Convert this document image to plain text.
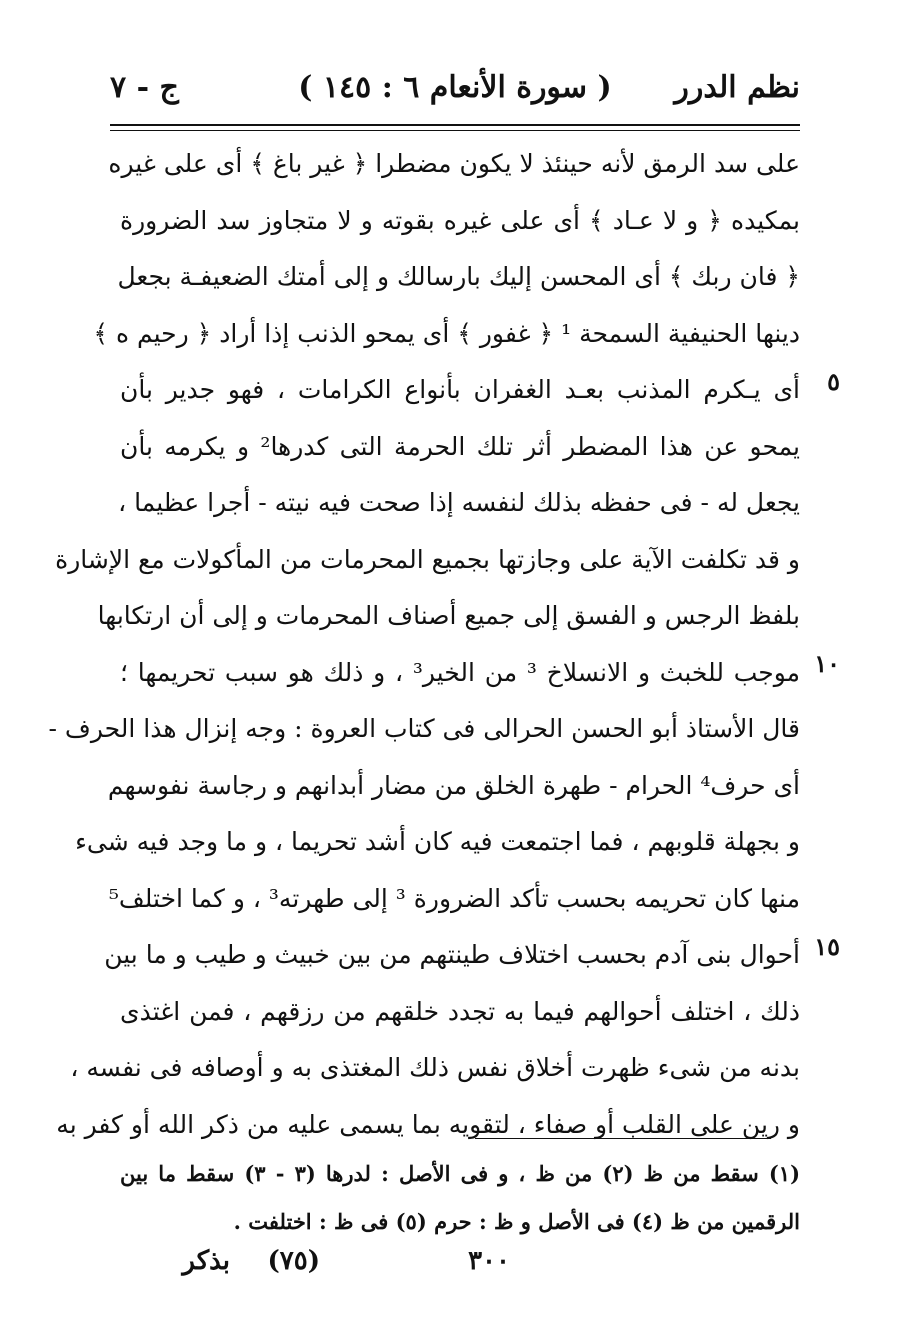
نظم الدرر
( سورة الأنعام ٦ : ١٤٥ )
ج - ٧
على سد الرمق لأنه حينئذ لا يكون مضطرا ﴿ غير باغ ﴾ أى على غيره
بمكيده ﴿ و لا عـاد ﴾ أى على غيره بقوته و لا متجاوز سد الضرورة
﴿ فان ربك ﴾ أى المحسن إليك بارسالك و إلى أمتك الضعيفـة بجعل
دينها الحنيفية السمحة ¹ ﴿ غفور ﴾ أى يمحو الذنب إذا أراد ﴿ رحيم ه ﴾
أى يـكرم المذنب بعـد الغفران بأنواع الكرامات ، فهو جدير بأن
يمحو عن هذا المضطر أثر تلك الحرمة التى كدرها² و يكرمه بأن
يجعل له - فى حفظه بذلك لنفسه إذا صحت فيه نيته - أجرا عظيما ،
و قد تكلفت الآية على وجازتها بجميع المحرمات من المأكولات مع الإشارة
بلفظ الرجس و الفسق إلى جميع أصناف المحرمات و إلى أن ارتكابها
موجب للخبث و الانسلاخ ³ من الخير³ ، و ذلك هو سبب تحريمها ؛
قال الأستاذ أبو الحسن الحرالى فى كتاب العروة : وجه إنزال هذا الحرف -
أى حرف⁴ الحرام - طهرة الخلق من مضار أبدانهم و رجاسة نفوسهم
و بجهلة قلوبهم ، فما اجتمعت فيه كان أشد تحريما ، و ما وجد فيه شىء
منها كان تحريمه بحسب تأكد الضرورة ³ إلى طهرته³ ، و كما اختلف⁵
أحوال بنى آدم بحسب اختلاف طينتهم من بين خبيث و طيب و ما بين
ذلك ، اختلف أحوالهم فيما به تجدد خلقهم من رزقهم ، فمن اغتذى
بدنه من شىء ظهرت أخلاق نفس ذلك المغتذى به و أوصافه فى نفسه ،
و رين على القلب أو صفاء ، لتقويه بما يسمى عليه من ذكر الله أو كفر به
٥
١٠
١٥
(١) سقط من ظ (٢) من ظ ، و فى الأصل : لدرها (٣ - ٣) سقط ما بين
الرقمين من ظ (٤) فى الأصل و ظ : حرم (٥) فى ظ : اختلفت .
٣٠٠
(٧٥)
بذكر
